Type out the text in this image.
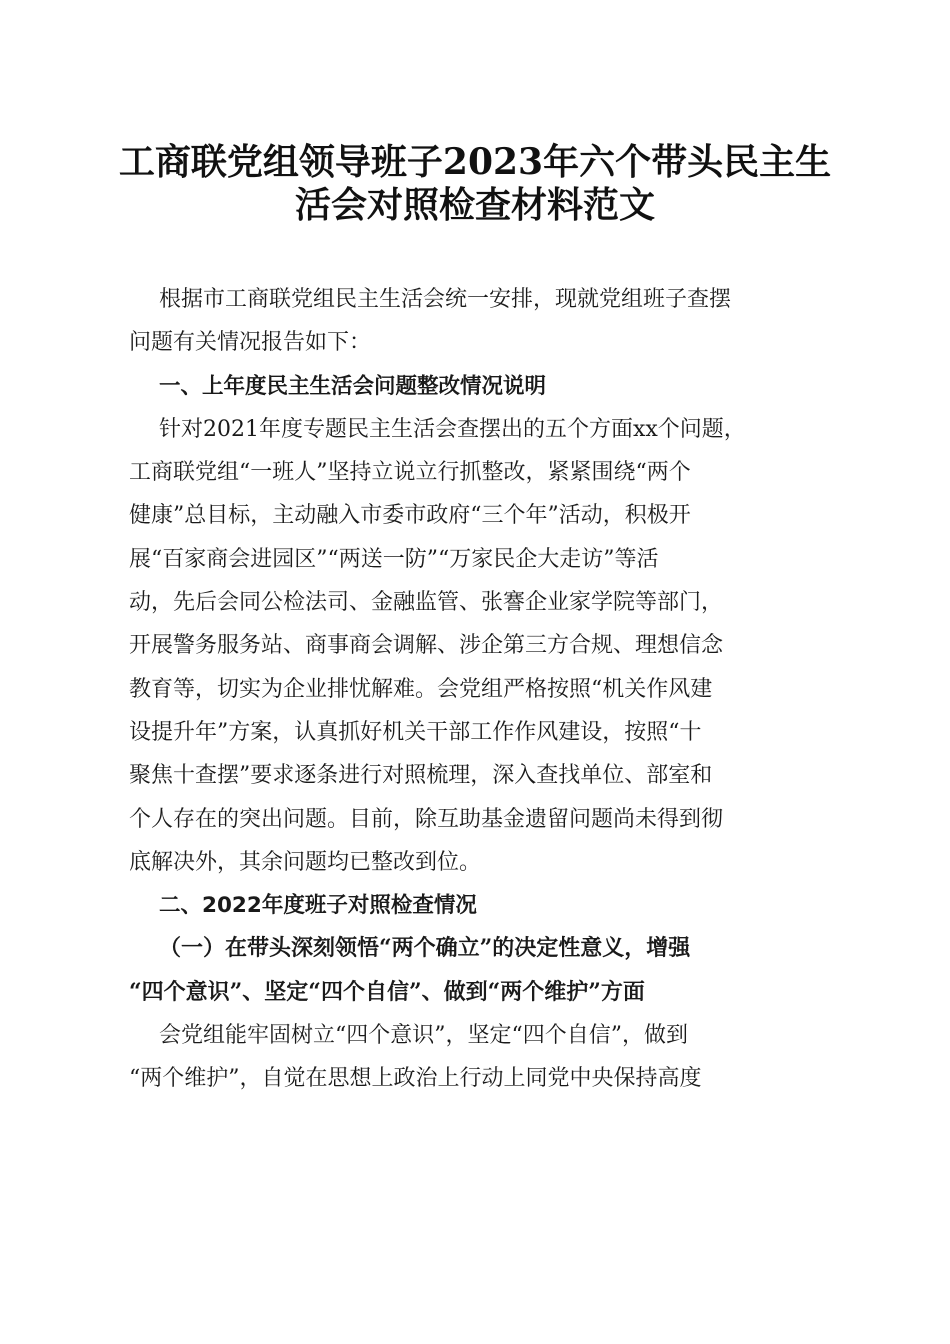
工商联党组领导班子2023年六个带头民主生
活会对照检查材料范文
根据市工商联党组民主生活会统一安排，现就党组班子查摆
问题有关情况报告如下：
一、上年度民主生活会问题整改情况说明
针对2021年度专题民主生活会查摆出的五个方面xx个问题，
工商联党组“一班人”坚持立说立行抓整改，紧紧围绕“两个
健康”总目标，主动融入市委市政府“三个年”活动，积极开
展“百家商会进园区”“两送一防”“万家民企大走访”等活
动，先后会同公检法司、金融监管、张謇企业家学院等部门，
开展警务服务站、商事商会调解、涉企第三方合规、理想信念
教育等，切实为企业排忧解难。会党组严格按照“机关作风建
设提升年”方案，认真抓好机关干部工作作风建设，按照“十
聚焦十查摆”要求逐条进行对照梳理，深入查找单位、部室和
个人存在的突出问题。目前，除互助基金遗留问题尚未得到彻
底解决外，其余问题均已整改到位。
二、2022年度班子对照检查情况
（一）在带头深刻领悟“两个确立”的决定性意义，增强
“四个意识”、坚定“四个自信”、做到“两个维护”方面
会党组能牢固树立“四个意识”，坚定“四个自信”，做到
“两个维护”，自觉在思想上政治上行动上同党中央保持高度
